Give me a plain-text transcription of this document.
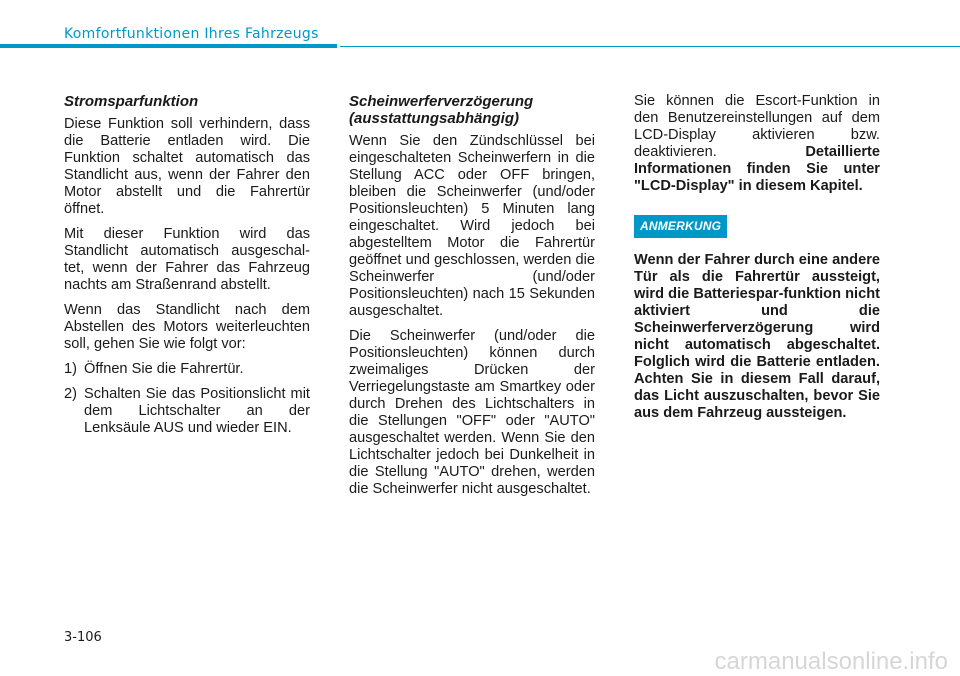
Komfortfunktionen Ihres Fahrzeugs
Stromsparfunktion

Diese Funktion soll verhindern, dass die Batterie entladen wird. Die Funktion schaltet automatisch das Standlicht aus, wenn der Fahrer den Motor abstellt und die Fahrertür öffnet.

Mit dieser Funktion wird das Standlicht automatisch ausgeschal-tet, wenn der Fahrer das Fahrzeug nachts am Straßenrand abstellt.

Wenn das Standlicht nach dem Abstellen des Motors weiterleuchten soll, gehen Sie wie folgt vor:

1) Öffnen Sie die Fahrertür.
2) Schalten Sie das Positionslicht mit dem Lichtschalter an der Lenksäule AUS und wieder EIN.
Scheinwerferverzögerung (ausstattungsabhängig)

Wenn Sie den Zündschlüssel bei eingeschalteten Scheinwerfern in die Stellung ACC oder OFF bringen, bleiben die Scheinwerfer (und/oder Positionsleuchten) 5 Minuten lang eingeschaltet. Wird jedoch bei abgestelltem Motor die Fahrertür geöffnet und geschlossen, werden die Scheinwerfer (und/oder Positionsleuchten) nach 15 Sekunden ausgeschaltet.

Die Scheinwerfer (und/oder die Positionsleuchten) können durch zweimaliges Drücken der Verriegelungstaste am Smartkey oder durch Drehen des Lichtschalters in die Stellungen "OFF" oder "AUTO" ausgeschaltet werden. Wenn Sie den Lichtschalter jedoch bei Dunkelheit in die Stellung "AUTO" drehen, werden die Scheinwerfer nicht ausgeschaltet.

Sie können die Escort-Funktion in den Benutzereinstellungen auf dem LCD-Display aktivieren bzw. deaktivieren. Detaillierte Informationen finden Sie unter "LCD-Display" in diesem Kapitel.

ANMERKUNG

Wenn der Fahrer durch eine andere Tür als die Fahrertür aussteigt, wird die Batteriespar-funktion nicht aktiviert und die Scheinwerferverzögerung wird nicht automatisch abgeschaltet. Folglich wird die Batterie entladen. Achten Sie in diesem Fall darauf, das Licht auszuschalten, bevor Sie aus dem Fahrzeug aussteigen.

3-106
carmanualsonline.info
